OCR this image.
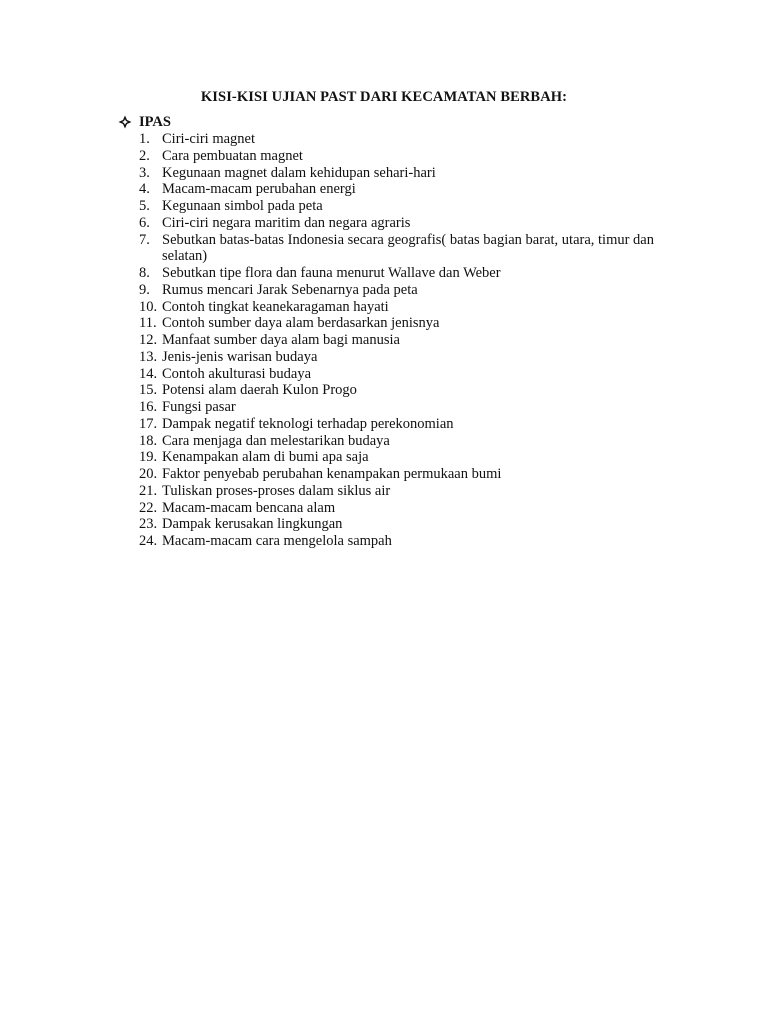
KISI-KISI UJIAN PAST DARI KECAMATAN BERBAH:
IPAS
1. Ciri-ciri magnet
2. Cara pembuatan magnet
3. Kegunaan magnet dalam kehidupan sehari-hari
4. Macam-macam perubahan energi
5. Kegunaan simbol pada peta
6. Ciri-ciri negara maritim dan negara agraris
7. Sebutkan batas-batas Indonesia secara geografis( batas bagian barat, utara, timur dan selatan)
8. Sebutkan tipe flora dan fauna menurut Wallave dan Weber
9. Rumus mencari Jarak Sebenarnya pada peta
10. Contoh tingkat keanekaragaman hayati
11. Contoh sumber daya alam berdasarkan jenisnya
12. Manfaat sumber daya alam bagi manusia
13. Jenis-jenis warisan budaya
14. Contoh akulturasi budaya
15. Potensi alam daerah Kulon Progo
16. Fungsi pasar
17. Dampak negatif teknologi terhadap perekonomian
18. Cara menjaga dan melestarikan budaya
19. Kenampakan alam di bumi apa saja
20. Faktor penyebab perubahan kenampakan permukaan bumi
21. Tuliskan proses-proses dalam siklus air
22. Macam-macam bencana alam
23. Dampak kerusakan lingkungan
24. Macam-macam cara mengelola sampah
